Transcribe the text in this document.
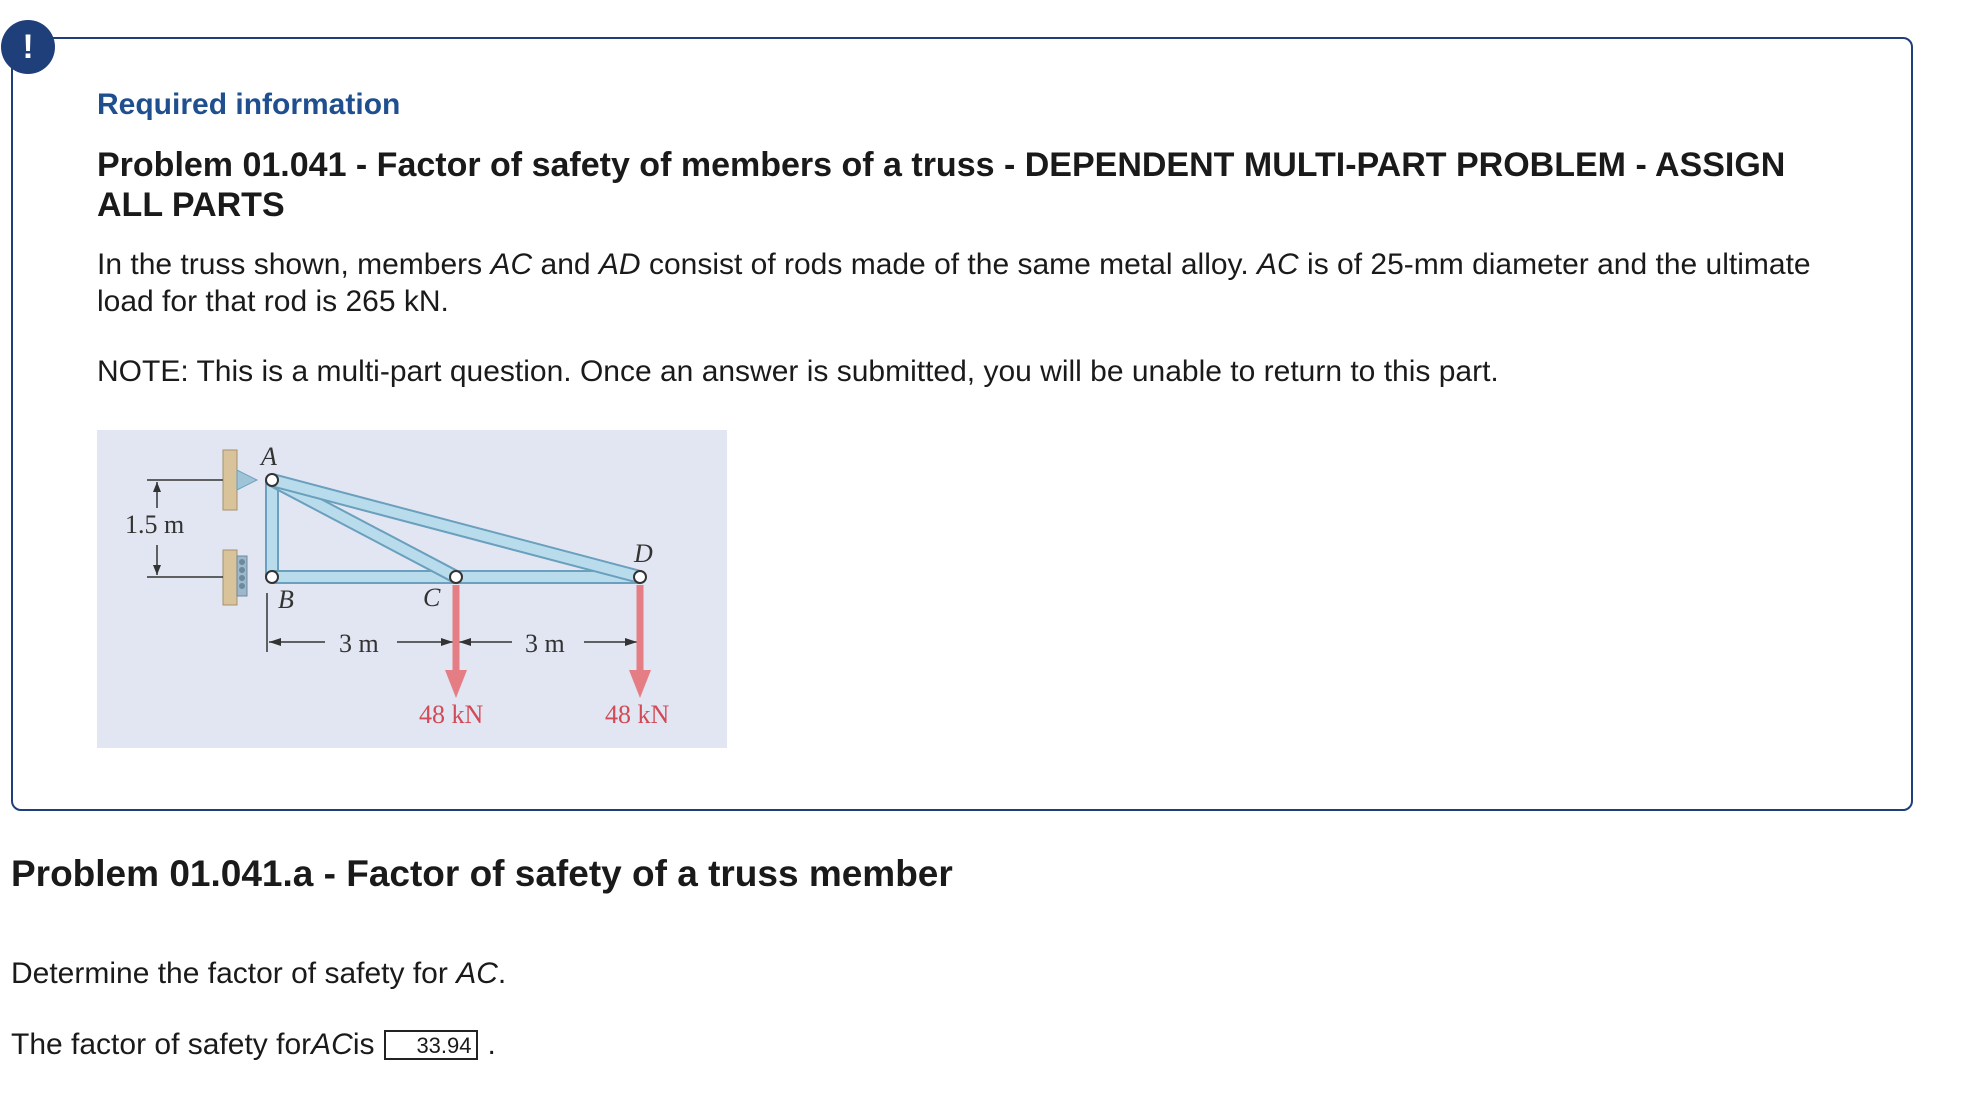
!
Required information
Problem 01.041 - Factor of safety of members of a truss - DEPENDENT MULTI-PART PROBLEM - ASSIGN ALL PARTS
In the truss shown, members AC and AD consist of rods made of the same metal alloy. AC is of 25-mm diameter and the ultimate load for that rod is 265 kN.
NOTE: This is a multi-part question. Once an answer is submitted, you will be unable to return to this part.
1.5 m
A
B	C
D
3 m	3 m
48 kN	48 kN
Problem 01.041.a - Factor of safety of a truss member
Determine the factor of safety for AC.
The factor of safety for AC is	33.94 .
